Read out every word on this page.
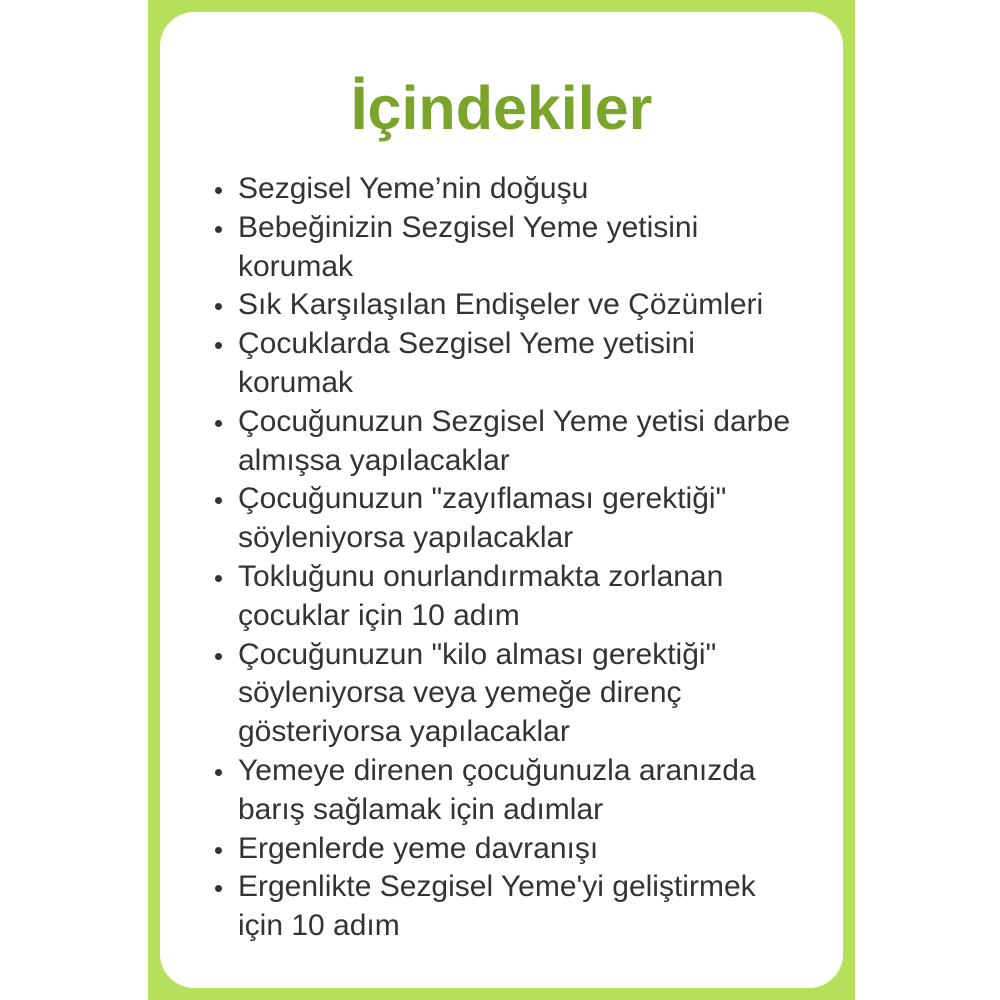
İçindekiler
Sezgisel Yeme’nin doğuşu
Bebeğinizin Sezgisel Yeme yetisini korumak
Sık Karşılaşılan Endişeler ve Çözümleri
Çocuklarda Sezgisel Yeme yetisini korumak
Çocuğunuzun Sezgisel Yeme yetisi darbe almışsa yapılacaklar
Çocuğunuzun "zayıflaması gerektiği" söyleniyorsa yapılacaklar
Tokluğunu onurlandırmakta zorlanan çocuklar için 10 adım
Çocuğunuzun "kilo alması gerektiği" söyleniyorsa veya yemeğe direnç gösteriyorsa yapılacaklar
Yemeye direnen çocuğunuzla aranızda barış sağlamak için adımlar
Ergenlerde yeme davranışı
Ergenlikte Sezgisel Yeme'yi geliştirmek için 10 adım
